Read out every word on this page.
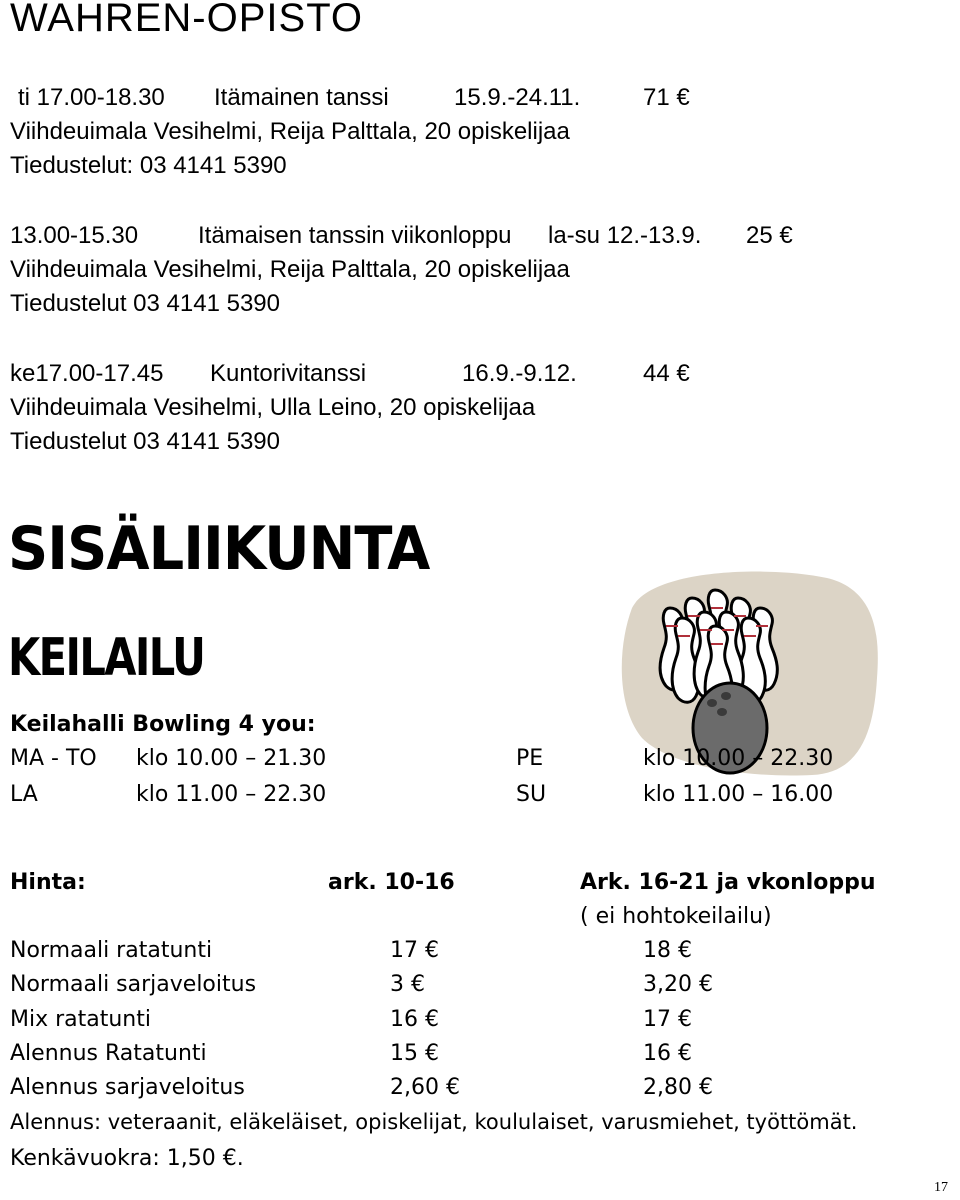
WAHREN-OPISTO
ti 17.00-18.30 Itämainen tanssi	15.9.-24.11.	71 €
Viihdeuimala Vesihelmi, Reija Palttala, 20 opiskelijaa
Tiedustelut: 03 4141 5390
13.00-15.30 Itämaisen tanssin viikonloppu la-su 12.-13.9. 25 €
Viihdeuimala Vesihelmi, Reija Palttala, 20 opiskelijaa
Tiedustelut 03 4141 5390
ke17.00-17.45 Kuntorivitanssi	16.9.-9.12.	44 €
Viihdeuimala Vesihelmi, Ulla Leino, 20 opiskelijaa
Tiedustelut 03 4141 5390
SISÄLIIKUNTA
KEILAILU
Keilahalli Bowling 4 you:
MA - TO klo 10.00 – 21.30	PE	klo 10.00 – 22.30
LA	klo 11.00 – 22.30	SU	klo 11.00 – 16.00
Hinta:	ark. 10-16	Ark. 16-21 ja vkonloppu
( ei hohtokeilailu)
Normaali ratatunti	17 €	18 €
Normaali sarjaveloitus	3 €	3,20 €
Mix ratatunti	16 €	17 €
Alennus Ratatunti	15 €	16 €
Alennus sarjaveloitus	2,60 €	2,80 €
Alennus: veteraanit, eläkeläiset, opiskelijat, koululaiset, varusmiehet, työttömät.
Kenkävuokra: 1,50 €.
17
